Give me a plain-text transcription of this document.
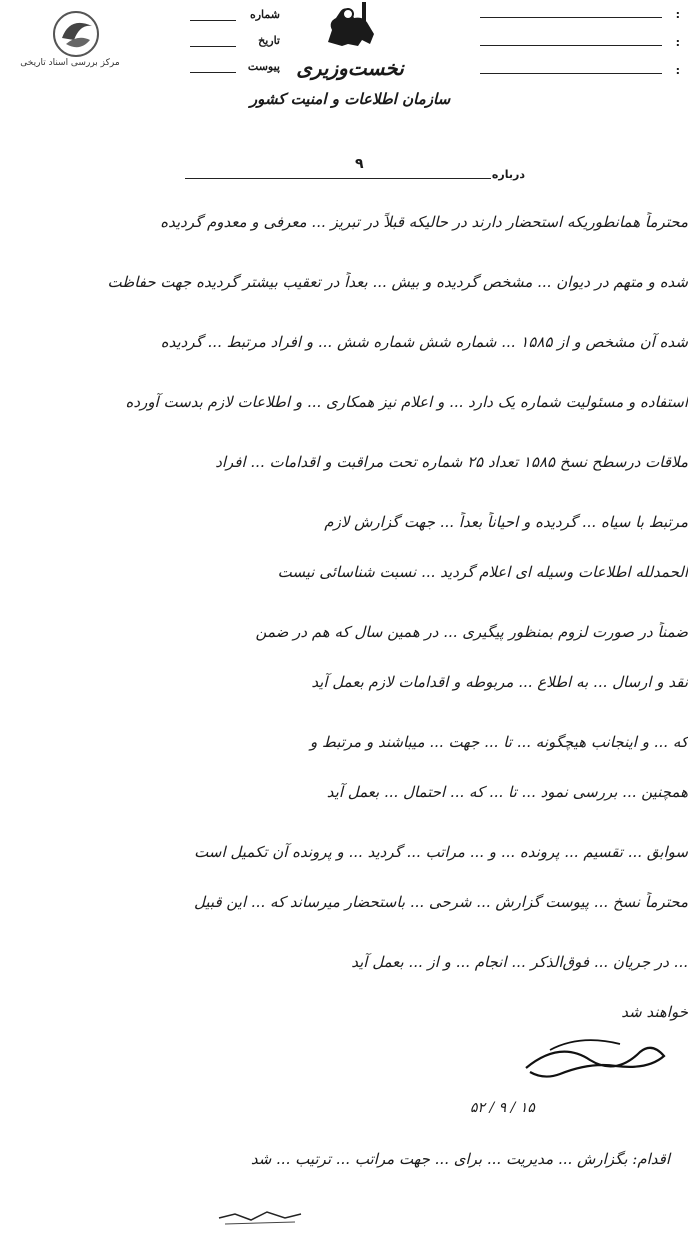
مرکز بررسی اسناد تاریخی
شماره
تاریخ
پیوست
:
:
:
نخست‌وزیری
سازمان اطلاعات و امنیت کشور
۹
درباره
محترماً همانطوریکه استحضار دارند در حالیکه قبلاً در تبریز ... معرفی و معدوم گردیده
شده و متهم در دیوان ... مشخص گردیده و بیش ... بعداً در تعقیب بیشتر گردیده جهت حفاظت
شده آن مشخص و از ۱۵۸۵ ... شماره شش شماره شش ... و افراد مرتبط ... گردیده
استفاده و مسئولیت شماره یک دارد ... و اعلام نیز همکاری ... و اطلاعات لازم بدست آورده
ملاقات درسطح نسخ ۱۵۸۵ تعداد ۲۵ شماره تحت مراقبت و اقدامات ... افراد
مرتبط با سیاه ... گردیده و احیاناً بعداً ... جهت گزارش لازم
الحمدلله اطلاعات وسیله ای اعلام گردید ... نسبت شناسائی نیست
ضمناً در صورت لزوم بمنظور پیگیری ... در همین سال که هم در ضمن
نقد و ارسال ... به اطلاع ... مربوطه و اقدامات لازم بعمل آید
که ... و اینجانب هیچگونه ... تا ... جهت ... میباشند و مرتبط و
همچنین ... بررسی نمود ... تا ... که ... احتمال ... بعمل آید
سوابق ... تقسیم ... پرونده ... و ... مراتب ... گردید ... و پرونده آن تکمیل است
محترماً نسخ ... پیوست گزارش ... شرحی ... باستحضار میرساند که ... این قبیل
... در جریان ... فوق‌الذکر ... انجام ... و از ... بعمل آید
خواهند شد
۱۵ / ۹ / ۵۲
اقدام: بگزارش ... مدیریت ... برای ... جهت مراتب ... ترتیب ... شد
